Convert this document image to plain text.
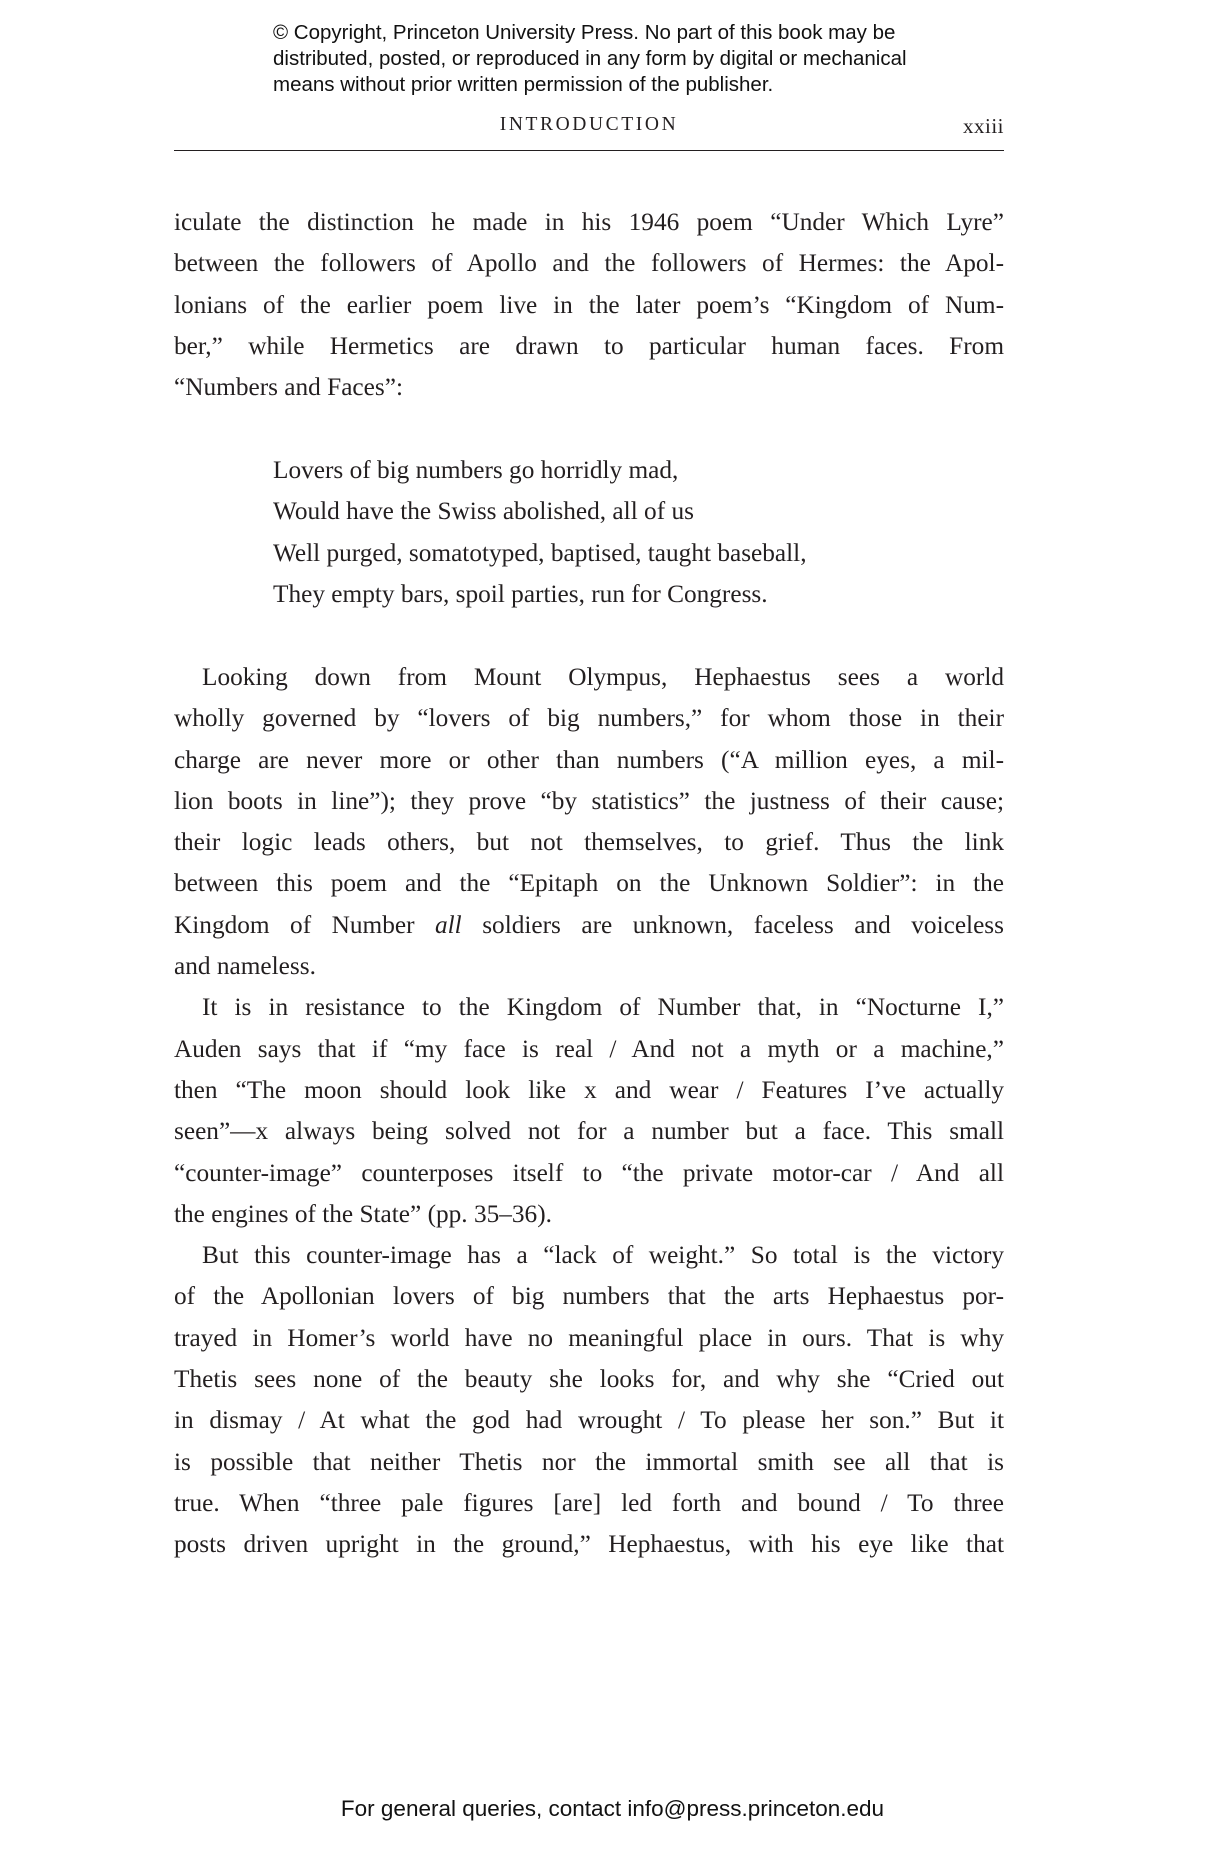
© Copyright, Princeton University Press. No part of this book may be
distributed, posted, or reproduced in any form by digital or mechanical
means without prior written permission of the publisher.
INTRODUCTION	xxiii
iculate the distinction he made in his 1946 poem “Under Which Lyre”
between the followers of Apollo and the followers of Hermes: the Apol-
lonians of the earlier poem live in the later poem’s “Kingdom of Num-
ber,” while Hermetics are drawn to particular human faces. From
“Numbers and Faces”:
Lovers of big numbers go horridly mad,
Would have the Swiss abolished, all of us
Well purged, somatotyped, baptised, taught baseball,
They empty bars, spoil parties, run for Congress.
Looking down from Mount Olympus, Hephaestus sees a world
wholly governed by “lovers of big numbers,” for whom those in their
charge are never more or other than numbers (“A million eyes, a mil-
lion boots in line”); they prove “by statistics” the justness of their cause;
their logic leads others, but not themselves, to grief. Thus the link
between this poem and the “Epitaph on the Unknown Soldier”: in the
Kingdom of Number all soldiers are unknown, faceless and voiceless
and nameless.
It is in resistance to the Kingdom of Number that, in “Nocturne I,”
Auden says that if “my face is real / And not a myth or a machine,”
then “The moon should look like x and wear / Features I’ve actually
seen”—x always being solved not for a number but a face. This small
“counter-image” counterposes itself to “the private motor-car / And all
the engines of the State” (pp. 35–36).
But this counter-image has a “lack of weight.” So total is the victory
of the Apollonian lovers of big numbers that the arts Hephaestus por-
trayed in Homer’s world have no meaningful place in ours. That is why
Thetis sees none of the beauty she looks for, and why she “Cried out
in dismay / At what the god had wrought / To please her son.” But it
is possible that neither Thetis nor the immortal smith see all that is
true. When “three pale figures [are] led forth and bound / To three
posts driven upright in the ground,” Hephaestus, with his eye like that
For general queries, contact info@press.princeton.edu
